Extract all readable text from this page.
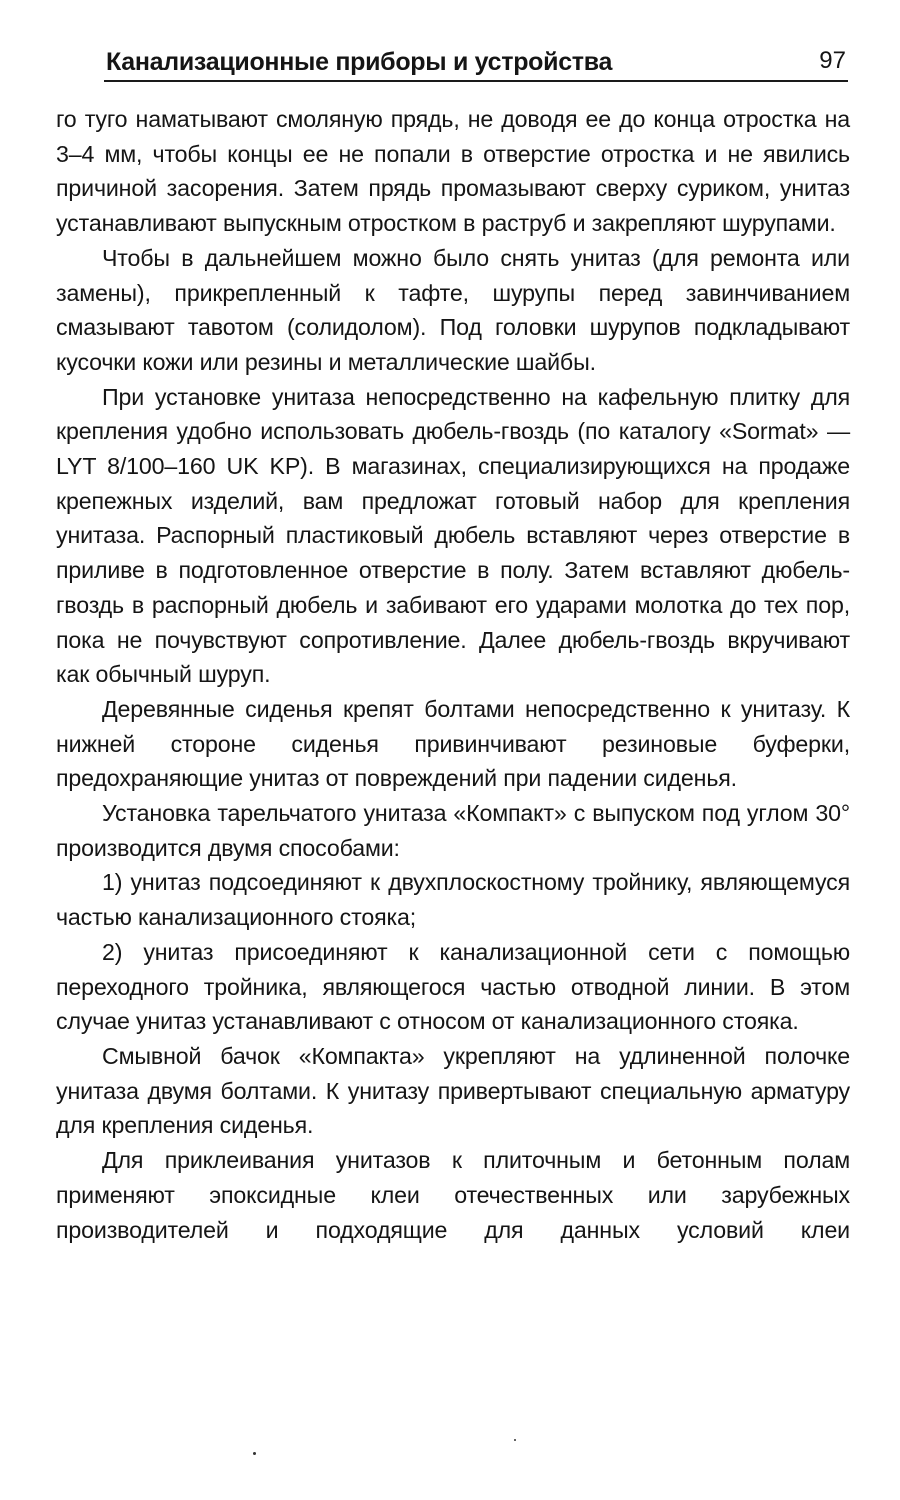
Канализационные приборы и устройства	97

го туго наматывают смоляную прядь, не доводя ее до конца отростка на 3–4 мм, чтобы концы ее не попали в отверстие отростка и не явились причиной засорения. Затем прядь промазывают сверху суриком, унитаз устанавливают выпускным отростком в раструб и закрепляют шурупами.

Чтобы в дальнейшем можно было снять унитаз (для ремонта или замены), прикрепленный к тафте, шурупы перед завинчиванием смазывают тавотом (солидолом). Под головки шурупов подкладывают кусочки кожи или резины и металлические шайбы.

При установке унитаза непосредственно на кафельную плитку для крепления удобно использовать дюбель-гвоздь (по каталогу «Sormat» — LYT 8/100–160 UK KP). В магазинах, специализирующихся на продаже крепежных изделий, вам предложат готовый набор для крепления унитаза. Распорный пластиковый дюбель вставляют через отверстие в приливе в подготовленное отверстие в полу. Затем вставляют дюбель-гвоздь в распорный дюбель и забивают его ударами молотка до тех пор, пока не почувствуют сопротивление. Далее дюбель-гвоздь вкручивают как обычный шуруп.

Деревянные сиденья крепят болтами непосредственно к унитазу. К нижней стороне сиденья привинчивают резиновые буферки, предохраняющие унитаз от повреждений при падении сиденья.

Установка тарельчатого унитаза «Компакт» с выпуском под углом 30° производится двумя способами:

1) унитаз подсоединяют к двухплоскостному тройнику, являющемуся частью канализационного стояка;

2) унитаз присоединяют к канализационной сети с помощью переходного тройника, являющегося частью отводной линии. В этом случае унитаз устанавливают с относом от канализационного стояка.

Смывной бачок «Компакта» укрепляют на удлиненной полочке унитаза двумя болтами. К унитазу привертывают специальную арматуру для крепления сиденья.

Для приклеивания унитазов к плиточным и бетонным полам применяют эпоксидные клеи отечественных или зарубежных производителей и подходящие для данных условий клеи
